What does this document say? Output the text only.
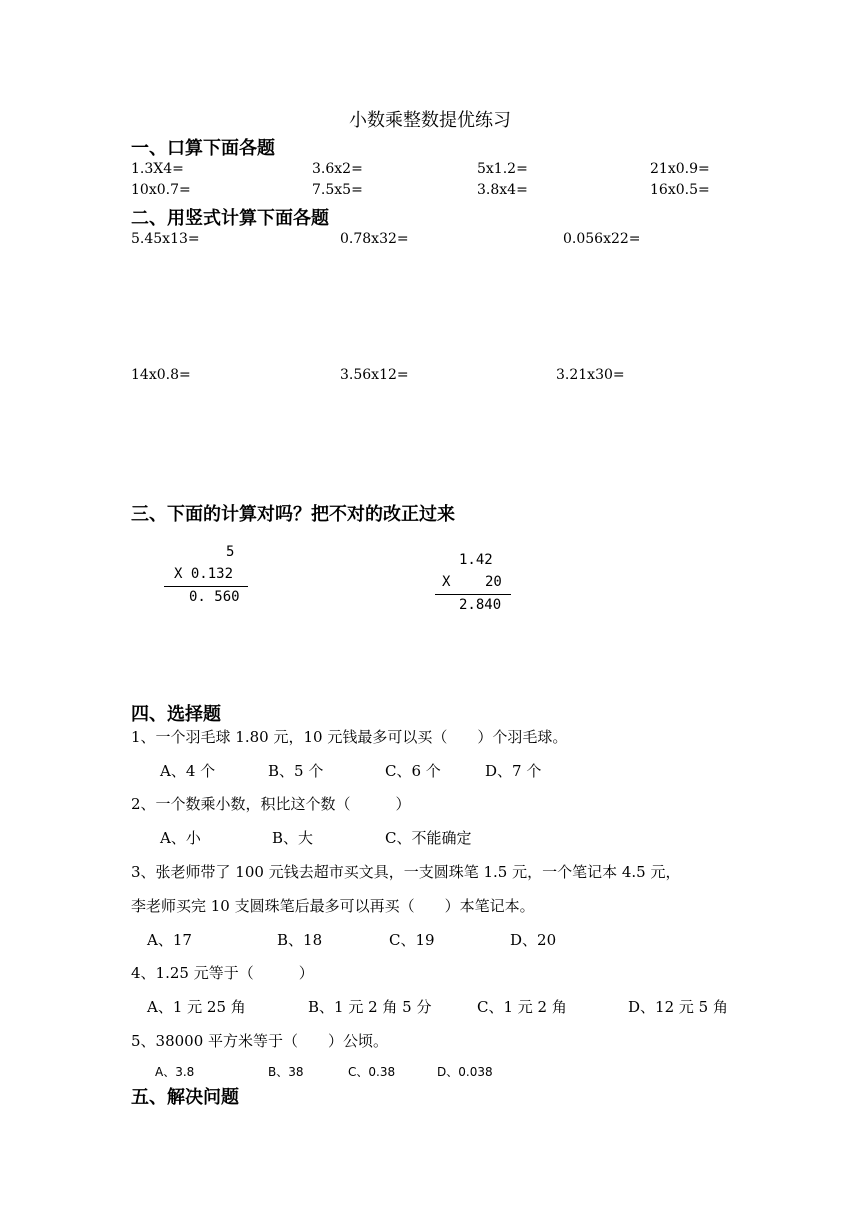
小数乘整数提优练习
一、口算下面各题
1.3X4=	3.6x2=	5x1.2=	21x0.9=
10x0.7=	7.5x5=	3.8x4=	16x0.5=
二、用竖式计算下面各题
5.45x13=	0.78x32=	0.056x22=
14x0.8=	3.56x12=	3.21x30=
三、下面的计算对吗？把不对的改正过来
5
X 0.132
0. 560
1.42
X 20
2.840
四、选择题
1、一个羽毛球 1.80 元，10 元钱最多可以买（　　）个羽毛球。
A、4 个	B、5 个	C、6 个	D、7 个
2、一个数乘小数，积比这个数（　　　）
A、小	B、大	C、不能确定
3、张老师带了 100 元钱去超市买文具，一支圆珠笔 1.5 元，一个笔记本 4.5 元，
李老师买完 10 支圆珠笔后最多可以再买（　　）本笔记本。
A、17	B、18	C、19	D、20
4、1.25 元等于（　　　）
A、1 元 25 角	B、1 元 2 角 5 分	C、1 元 2 角	D、12 元 5 角
5、38000 平方米等于（　　）公顷。
A、3.8	B、38	C、0.38	D、0.038
五、解决问题
